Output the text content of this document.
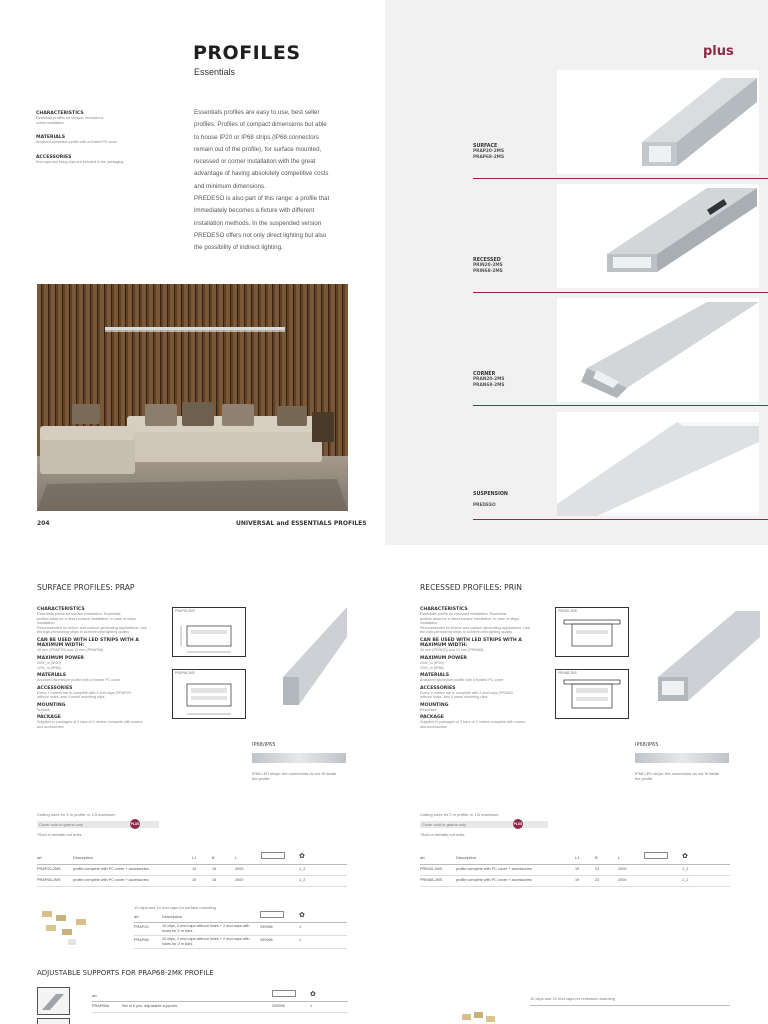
PROFILES
Essentials
Essentials profiles are easy to use, best seller
profiles. Profiles of compact dimensions but able
to house IP20 or IP68 strips (IP68 connectors
remain out of the profile), for surface mounted,
recessed or corner installation with the great
advantage of having absolutely competitive costs
and minimum dimensions.
PREDESO is also part of this range: a profile that
immediately becomes a fixture with different
installation methods. In the suspended version
PREDESO offers not only direct lighting but also
the possibility of indirect lighting.
CHARACTERISTICS
Essentials profiles for surface, recessed or
corner installation
MATERIALS
Anodized aluminium profile with a frosted PC cover
ACCESSORIES
End caps and fixing clips are included in the packaging
204	UNIVERSAL and ESSENTIALS PROFILES
plus
SURFACE
PRAP20-2MS
PRAP68-2MS
RECESSED
PRIN20-2MS
PRIN68-2MS
CORNER
PRAN20-2MS
PRAN68-2MS
SUSPENSION
PREDESO
SURFACE PROFILES: PRAP
CHARACTERISTICS
Essentials profile for surface installation. Essentials
profiles allow for a direct surface installation, in case of strips
installation.
Recommended for indoor and outdoor generating applications. Use
the high-performing strips to achieve best lighting quality.
CAN BE USED WITH LED STRIPS WITH A MAXIMUM WIDTH:
10 mm (PRAP20) and 12 mm (PRAP68)
MAXIMUM POWER
20W_m (IP20)
12W_m (IP68)
MATERIALS
Anodized aluminium profile with a frosted PC cover
ACCESSORIES
Every 2 meters bar is complete with 2 end caps (PRAP20
without holes, and 4 metal mounting clips
MOUNTING
Surface
PACKAGE
Supplied in packages of 2 bars of 2 meters complete with covers
and accessories
PRAP20-2MS
PRAP68-2MS
IP68/IP65
IP68 LED strips: the connectors do not fit inside
the profile
Cutting rules for 2 m profile: in 1/3 maximum
Cover sold in grams only	PLUS
*Sold in metallic cut units
art	Description	L1	B	L	✿
PRAP20-2MS	profile complete with PC cover + accessories	19	15	2000	1_2
PRAP68-2MS	profile complete with PC cover + accessories	19	15	2000	1_2
10 clips and 10 end caps for surface mounting
art	Description	✿
PRAP20	10 clips, 2 end caps without holes + 2 end caps with
holes for 2 m bars
299956	1
PRAP68	10 clips, 2 end caps without holes + 2 end caps with
holes for 2 m bars
299996	1
ADJUSTABLE SUPPORTS FOR PRAP68-2MK PROFILE
art	✿
PRAP68A	Set of 6 pcs. adjustable supports	299906	1
RECESSED PROFILES: PRIN
CHARACTERISTICS
Essentials profile for recessed installation. Essentials
profiles allow for a direct surface installation, in case of strips
installation.
Recommended for indoor and outdoor generating applications. Use
the high-performing strips to achieve best lighting quality.
CAN BE USED WITH LED STRIPS WITH A MAXIMUM WIDTH:
10 mm (PRIN20) and 12 mm (PRIN68)
MAXIMUM POWER
20W_m (IP20)
12W_m (IP68)
MATERIALS
Anodized aluminium profile with a frosted PC cover
ACCESSORIES
Every 2 meters bar is complete with 2 end caps (PRIN20
without holes, and 4 metal mounting clips
MOUNTING
Recessed
PACKAGE
Supplied in packages of 2 bars of 2 meters complete with covers
and accessories
PRIN20-2MS
PRIN68-2MS
IP68/IP65
IP68 LED strips: the connectors do not fit inside
the profile
Cutting rules for 2 m profile: in 1/3 maximum
Cover sold in grams only	PLUS
*Sold in metallic cut units
art	Description	L1	B	L	✿
PRIN20-2MS	profile complete with PC cover + accessories	19	23	2000	1_2
PRIN68-2MS	profile complete with PC cover + accessories	19	23	2000	1_2
10 clips and 10 end caps for recessed mounting
